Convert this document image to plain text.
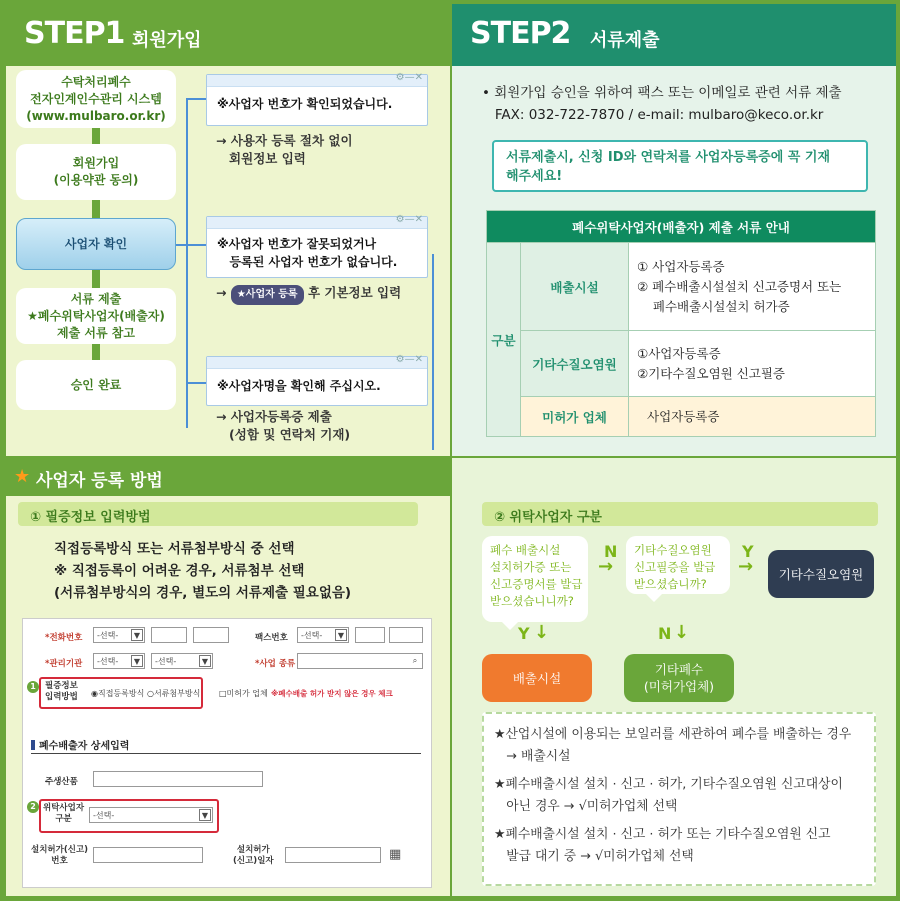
STEP1 회원가입
수탁처리폐수
전자인계인수관리 시스템
(www.mulbaro.or.kr)
회원가입
(이용약관 동의)
사업자 확인
서류 제출
★폐수위탁사업자(배출자)
제출 서류 참고
승인 완료
⚙—✕
※사업자 번호가 확인되었습니다.
→ 사용자 등록 절차 없이
회원정보 입력
⚙—✕
※사업자 번호가 잘못되었거나
등록된 사업자 번호가 없습니다.
→ ★사업자 등록 후 기본정보 입력
⚙—✕
※사업자명을 확인해 주십시오.
→ 사업자등록증 제출
(성함 및 연락처 기재)
STEP2 서류제출
• 회원가입 승인을 위하여 팩스 또는 이메일로 관련 서류 제출
FAX: 032-722-7870 / e-mail: mulbaro@keco.or.kr
서류제출시, 신청 ID와 연락처를 사업자등록증에 꼭 기재
해주세요!
폐수위탁사업자(배출자) 제출 서류 안내		
구분	배출시설	① 사업자등록증
② 폐수배출시설설치 신고증명서 또는
폐수배출시설설치 허가증
	기타수질오염원	①사업자등록증
②기타수질오염원 신고필증
	미허가 업체	사업자등록증
★ 사업자 등록 방법
① 필증정보 입력방법
직접등록방식 또는 서류첨부방식 중 선택
※ 직접등록이 어려운 경우, 서류첨부 선택
(서류첨부방식의 경우, 별도의 서류제출 필요없음)
*전화번호	-선택-	▼	팩스번호	-선택-	▼
*관리기관	-선택-	▼	-선택-	▼	*사업 종류	⌕
1	필증정보
입력방법 ◉직접등록방식 ○서류첨부방식 □미허가 업체 ※폐수배출 허가 받지 않은 경우 체크
폐수배출자 상세입력
주생산품
2 위탁사업자
구분	-선택-	▼
설치허가(신고)
번호
설치허가
(신고)일자	▦
② 위탁사업자 구분
폐수 배출시설
설치허가증 또는
신고증명서를 발급
받으셨습니니까?
N
→
기타수질오염원
신고필증을 발급
받으셨습니까?
Y
→	기타수질오염원
Y ↓	N ↓
배출시설
기타폐수
(미허가업체)

★산업시설에 이용되는 보일러를 세관하여 폐수를 배출하는 경우
→ 배출시설

★폐수배출시설 설치 · 신고 · 허가, 기타수질오염원 신고대상이
아닌 경우 → √미허가업체 선택

★폐수배출시설 설치 · 신고 · 허가 또는 기타수질오염원 신고
발급 대기 중 → √미허가업체 선택
